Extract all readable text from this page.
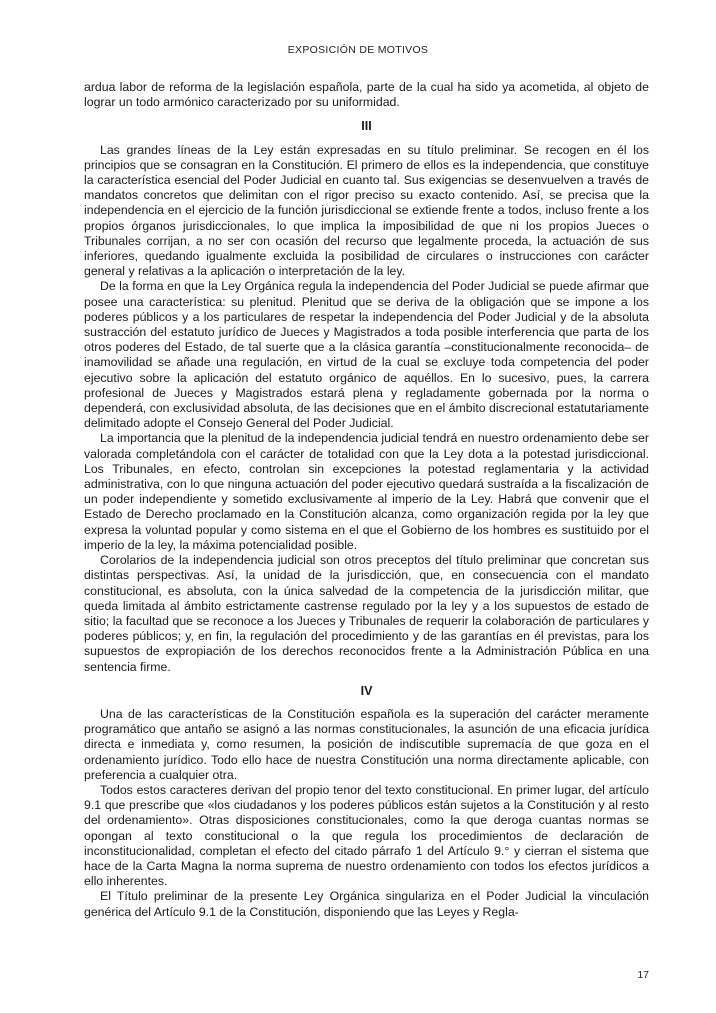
EXPOSICIÓN DE MOTIVOS

ardua labor de reforma de la legislación española, parte de la cual ha sido ya acometida, al objeto de lograr un todo armónico caracterizado por su uniformidad.

III

Las grandes líneas de la Ley están expresadas en su título preliminar. Se recogen en él los principios que se consagran en la Constitución. El primero de ellos es la independencia, que constituye la característica esencial del Poder Judicial en cuanto tal. Sus exigencias se desenvuelven a través de mandatos concretos que delimitan con el rigor preciso su exacto contenido. Así, se precisa que la independencia en el ejercicio de la función jurisdiccional se extiende frente a todos, incluso frente a los propios órganos jurisdiccionales, lo que implica la imposibilidad de que ni los propios Jueces o Tribunales corrijan, a no ser con ocasión del recurso que legalmente proceda, la actuación de sus inferiores, quedando igualmente excluida la posibilidad de circulares o instrucciones con carácter general y relativas a la aplicación o interpretación de la ley.

De la forma en que la Ley Orgánica regula la independencia del Poder Judicial se puede afirmar que posee una característica: su plenitud. Plenitud que se deriva de la obligación que se impone a los poderes públicos y a los particulares de respetar la independencia del Poder Judicial y de la absoluta sustracción del estatuto jurídico de Jueces y Magistrados a toda posible interferencia que parta de los otros poderes del Estado, de tal suerte que a la clásica garantía –constitucionalmente reconocida– de inamovilidad se añade una regulación, en virtud de la cual se excluye toda competencia del poder ejecutivo sobre la aplicación del estatuto orgánico de aquéllos. En lo sucesivo, pues, la carrera profesional de Jueces y Magistrados estará plena y regladamente gobernada por la norma o dependerá, con exclusividad absoluta, de las decisiones que en el ámbito discrecional estatutariamente delimitado adopte el Consejo General del Poder Judicial.

La importancia que la plenitud de la independencia judicial tendrá en nuestro ordenamiento debe ser valorada completándola con el carácter de totalidad con que la Ley dota a la potestad jurisdiccional. Los Tribunales, en efecto, controlan sin excepciones la potestad reglamentaria y la actividad administrativa, con lo que ninguna actuación del poder ejecutivo quedará sustraída a la fiscalización de un poder independiente y sometido exclusivamente al imperio de la Ley. Habrá que convenir que el Estado de Derecho proclamado en la Constitución alcanza, como organización regida por la ley que expresa la voluntad popular y como sistema en el que el Gobierno de los hombres es sustituido por el imperio de la ley, la máxima potencialidad posible.

Corolarios de la independencia judicial son otros preceptos del título preliminar que concretan sus distintas perspectivas. Así, la unidad de la jurisdicción, que, en consecuencia con el mandato constitucional, es absoluta, con la única salvedad de la competencia de la jurisdicción militar, que queda limitada al ámbito estrictamente castrense regulado por la ley y a los supuestos de estado de sitio; la facultad que se reconoce a los Jueces y Tribunales de requerir la colaboración de particulares y poderes públicos; y, en fin, la regulación del procedimiento y de las garantías en él previstas, para los supuestos de expropiación de los derechos reconocidos frente a la Administración Pública en una sentencia firme.

IV

Una de las características de la Constitución española es la superación del carácter meramente programático que antaño se asignó a las normas constitucionales, la asunción de una eficacia jurídica directa e inmediata y, como resumen, la posición de indiscutible supremacía de que goza en el ordenamiento jurídico. Todo ello hace de nuestra Constitución una norma directamente aplicable, con preferencia a cualquier otra.

Todos estos caracteres derivan del propio tenor del texto constitucional. En primer lugar, del artículo 9.1 que prescribe que «los ciudadanos y los poderes públicos están sujetos a la Constitución y al resto del ordenamiento». Otras disposiciones constitucionales, como la que deroga cuantas normas se opongan al texto constitucional o la que regula los procedimientos de declaración de inconstitucionalidad, completan el efecto del citado párrafo 1 del Artículo 9.° y cierran el sistema que hace de la Carta Magna la norma suprema de nuestro ordenamiento con todos los efectos jurídicos a ello inherentes.

El Título preliminar de la presente Ley Orgánica singulariza en el Poder Judicial la vinculación genérica del Artículo 9.1 de la Constitución, disponiendo que las Leyes y Regla-

17
